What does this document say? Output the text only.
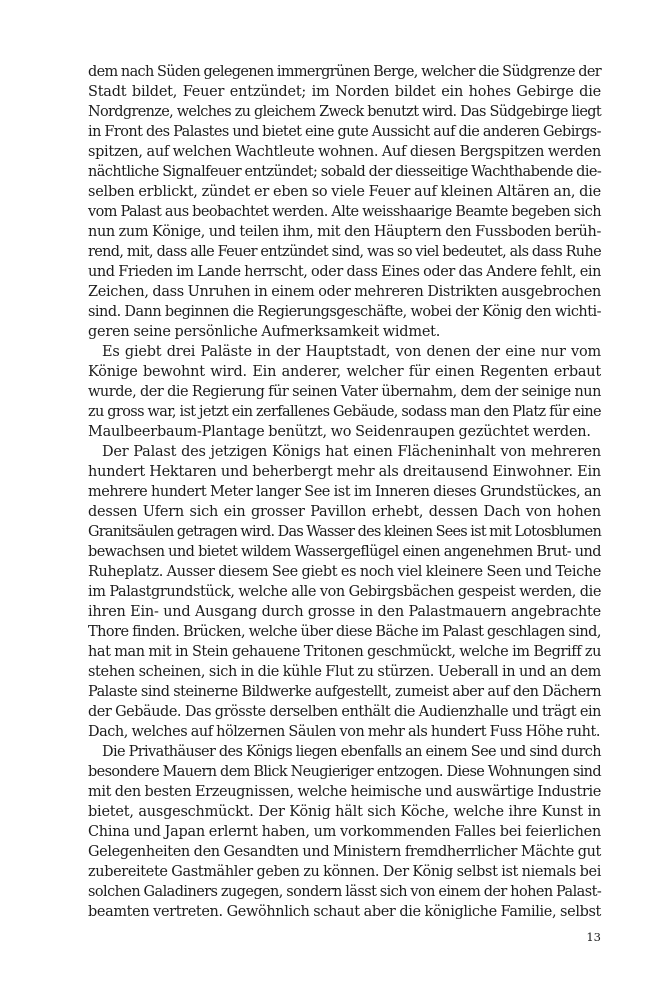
dem nach Süden gelegenen immergrünen Berge, welcher die Südgrenze der
Stadt bildet, Feuer entzündet; im Norden bildet ein hohes Gebirge die
Nordgrenze, welches zu gleichem Zweck benutzt wird. Das Südgebirge liegt
in Front des Palastes und bietet eine gute Aussicht auf die anderen Gebirgs-
spitzen, auf welchen Wachtleute wohnen. Auf diesen Bergspitzen werden
nächtliche Signalfeuer entzündet; sobald der diesseitige Wachthabende die-
selben erblickt, zündet er eben so viele Feuer auf kleinen Altären an, die
vom Palast aus beobachtet werden. Alte weisshaarige Beamte begeben sich
nun zum Könige, und teilen ihm, mit den Häuptern den Fussboden berüh-
rend, mit, dass alle Feuer entzündet sind, was so viel bedeutet, als dass Ruhe
und Frieden im Lande herrscht, oder dass Eines oder das Andere fehlt, ein
Zeichen, dass Unruhen in einem oder mehreren Distrikten ausgebrochen
sind. Dann beginnen die Regierungsgeschäfte, wobei der König den wichti-
geren seine persönliche Aufmerksamkeit widmet.
Es giebt drei Paläste in der Hauptstadt, von denen der eine nur vom
Könige bewohnt wird. Ein anderer, welcher für einen Regenten erbaut
wurde, der die Regierung für seinen Vater übernahm, dem der seinige nun
zu gross war, ist jetzt ein zerfallenes Gebäude, sodass man den Platz für eine
Maulbeerbaum-Plantage benützt, wo Seidenraupen gezüchtet werden.
Der Palast des jetzigen Königs hat einen Flächeninhalt von mehreren
hundert Hektaren und beherbergt mehr als dreitausend Einwohner. Ein
mehrere hundert Meter langer See ist im Inneren dieses Grundstückes, an
dessen Ufern sich ein grosser Pavillon erhebt, dessen Dach von hohen
Granitsäulen getragen wird. Das Wasser des kleinen Sees ist mit Lotosblumen
bewachsen und bietet wildem Wassergeflügel einen angenehmen Brut- und
Ruheplatz. Ausser diesem See giebt es noch viel kleinere Seen und Teiche
im Palastgrundstück, welche alle von Gebirgsbächen gespeist werden, die
ihren Ein- und Ausgang durch grosse in den Palastmauern angebrachte
Thore finden. Brücken, welche über diese Bäche im Palast geschlagen sind,
hat man mit in Stein gehauene Tritonen geschmückt, welche im Begriff zu
stehen scheinen, sich in die kühle Flut zu stürzen. Ueberall in und an dem
Palaste sind steinerne Bildwerke aufgestellt, zumeist aber auf den Dächern
der Gebäude. Das grösste derselben enthält die Audienzhalle und trägt ein
Dach, welches auf hölzernen Säulen von mehr als hundert Fuss Höhe ruht.
Die Privathäuser des Königs liegen ebenfalls an einem See und sind durch
besondere Mauern dem Blick Neugieriger entzogen. Diese Wohnungen sind
mit den besten Erzeugnissen, welche heimische und auswärtige Industrie
bietet, ausgeschmückt. Der König hält sich Köche, welche ihre Kunst in
China und Japan erlernt haben, um vorkommenden Falles bei feierlichen
Gelegenheiten den Gesandten und Ministern fremdherrlicher Mächte gut
zubereitete Gastmähler geben zu können. Der König selbst ist niemals bei
solchen Galadiners zugegen, sondern lässt sich von einem der hohen Palast-
beamten vertreten. Gewöhnlich schaut aber die königliche Familie, selbst
13
